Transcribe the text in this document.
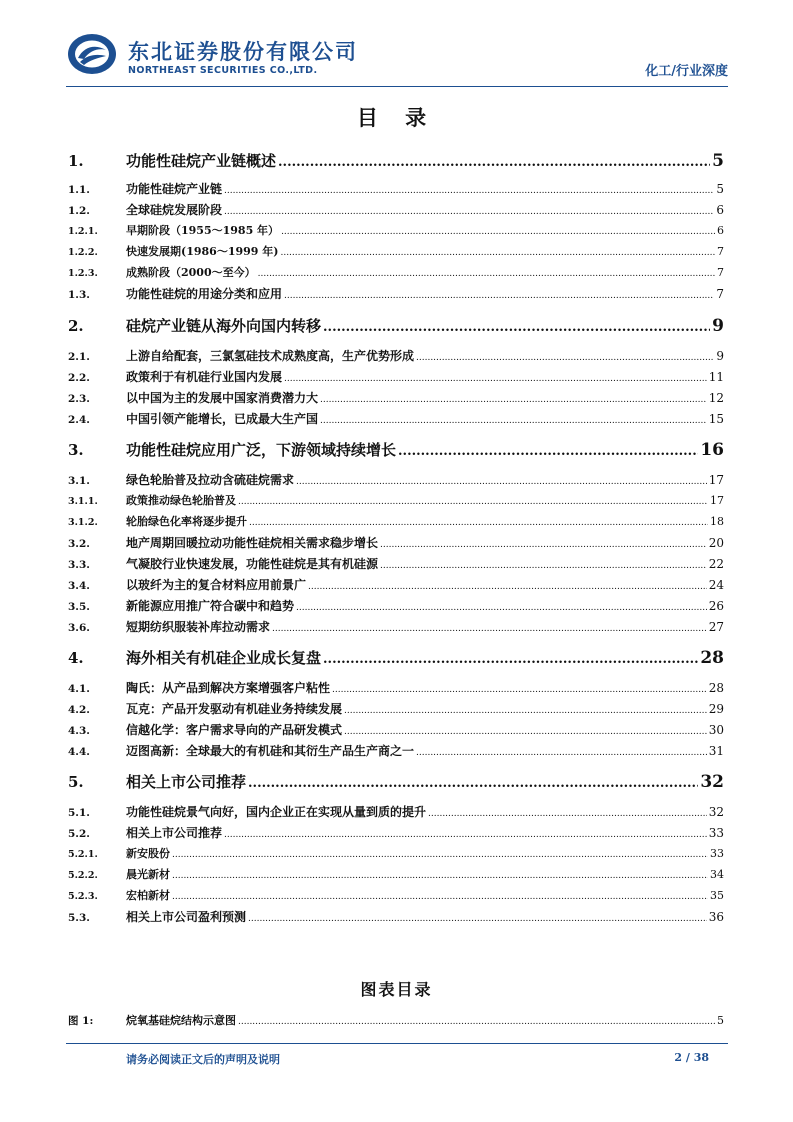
东北证券股份有限公司
NORTHEAST SECURITIES CO.,LTD.	化工/行业深度
目 录
1.	功能性硅烷产业链概述 .....	5
1.1.	功能性硅烷产业链 .....	5
1.2.	全球硅烷发展阶段 .....	6
1.2.1.	早期阶段（1955～1985 年） .....	6
1.2.2.	快速发展期(1986～1999 年) .....	7
1.2.3.	成熟阶段（2000～至今） .....	7
1.3.	功能性硅烷的用途分类和应用 .....	7
2.	硅烷产业链从海外向国内转移 .....	9
2.1.	上游自给配套，三氯氢硅技术成熟度高，生产优势形成 .....	9
2.2.	政策利于有机硅行业国内发展 .....	11
2.3.	以中国为主的发展中国家消费潜力大 .....	12
2.4.	中国引领产能增长，已成最大生产国 .....	15
3.	功能性硅烷应用广泛，下游领域持续增长 .....	16
3.1.	绿色轮胎普及拉动含硫硅烷需求 .....	17
3.1.1.	政策推动绿色轮胎普及 .....	17
3.1.2.	轮胎绿色化率将逐步提升 .....	18
3.2.	地产周期回暖拉动功能性硅烷相关需求稳步增长 .....	20
3.3.	气凝胶行业快速发展，功能性硅烷是其有机硅源 .....	22
3.4.	以玻纤为主的复合材料应用前景广 .....	24
3.5.	新能源应用推广符合碳中和趋势 .....	26
3.6.	短期纺织服装补库拉动需求 .....	27
4.	海外相关有机硅企业成长复盘 .....	28
4.1.	陶氏：从产品到解决方案增强客户粘性 .....	28
4.2.	瓦克：产品开发驱动有机硅业务持续发展 .....	29
4.3.	信越化学：客户需求导向的产品研发模式 .....	30
4.4.	迈图高新：全球最大的有机硅和其衍生产品生产商之一 .....	31
5.	相关上市公司推荐 .....	32
5.1.	功能性硅烷景气向好，国内企业正在实现从量到质的提升 .....	32
5.2.	相关上市公司推荐 .....	33
5.2.1.	新安股份 .....	33
5.2.2.	晨光新材 .....	34
5.2.3.	宏柏新材 .....	35
5.3.	相关上市公司盈利预测 .....	36
图 1:	烷氧基硅烷结构示意图 .....	5
图表目录
请务必阅读正文后的声明及说明	2 / 38
